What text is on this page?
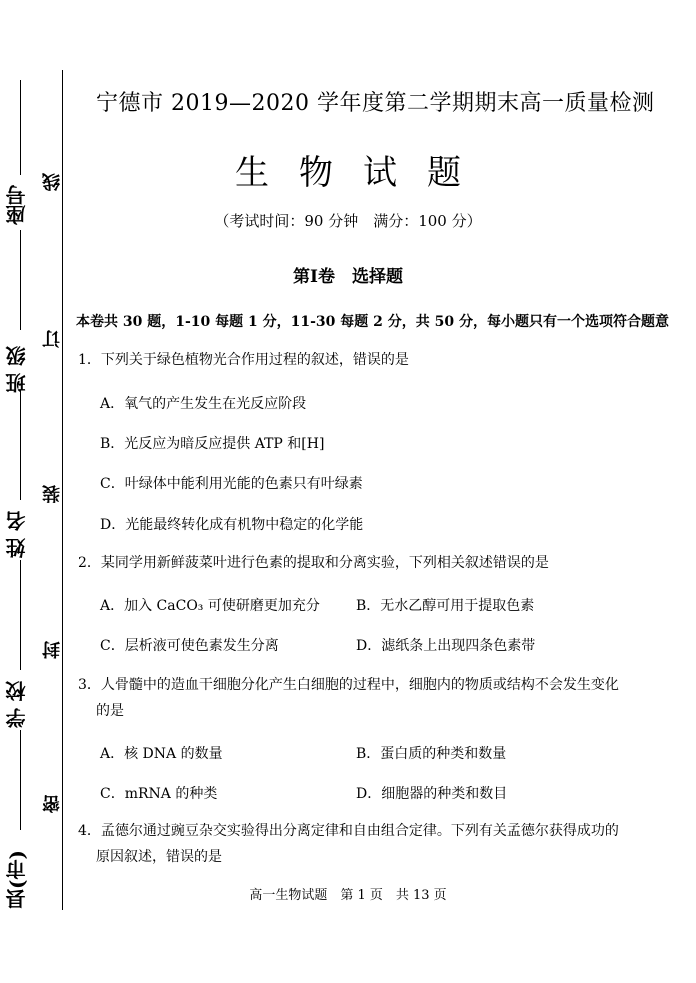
县(市)
学 校
姓 名
班 级
座号
线
订
装
封
密
宁德市 2019—2020 学年度第二学期期末高一质量检测
生物试题
（考试时间：90 分钟　满分：100 分）
第Ⅰ卷　选择题
本卷共 30 题，1-10 每题 1 分，11-30 每题 2 分，共 50 分，每小题只有一个选项符合题意
1．下列关于绿色植物光合作用过程的叙述，错误的是
A．氧气的产生发生在光反应阶段
B．光反应为暗反应提供 ATP 和[H]
C．叶绿体中能利用光能的色素只有叶绿素
D．光能最终转化成有机物中稳定的化学能
2．某同学用新鲜菠菜叶进行色素的提取和分离实验，下列相关叙述错误的是
A．加入 CaCO₃ 可使研磨更加充分	B．无水乙醇可用于提取色素
C．层析液可使色素发生分离	D．滤纸条上出现四条色素带
3．人骨髓中的造血干细胞分化产生白细胞的过程中，细胞内的物质或结构不会发生变化
的是
A．核 DNA 的数量	B．蛋白质的种类和数量
C．mRNA 的种类	D．细胞器的种类和数目
4．孟德尔通过豌豆杂交实验得出分离定律和自由组合定律。下列有关孟德尔获得成功的
原因叙述，错误的是
高一生物试题　第 1 页　共 13 页
